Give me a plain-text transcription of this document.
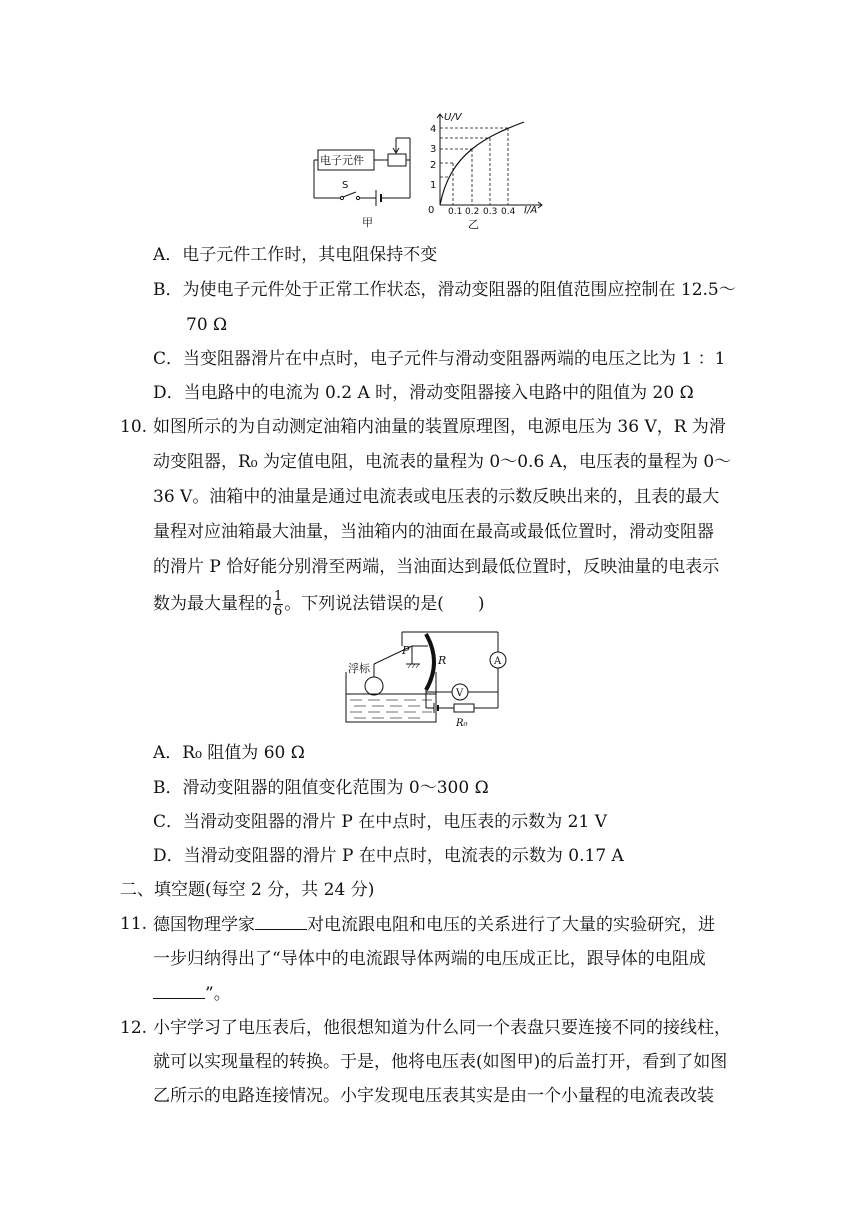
电子元件
S
甲
U/V
I/A
0
1
2
3
4
0.1 0.2 0.3 0.4
乙
A．电子元件工作时，其电阻保持不变
B．为使电子元件处于正常工作状态，滑动变阻器的阻值范围应控制在 12.5～
70 Ω
C．当变阻器滑片在中点时，电子元件与滑动变阻器两端的电压之比为 1 ：1
D．当电路中的电流为 0.2 A 时，滑动变阻器接入电路中的阻值为 20 Ω
10. 如图所示的为自动测定油箱内油量的装置原理图，电源电压为 36 V，R 为滑
动变阻器，R₀ 为定值电阻，电流表的量程为 0～0.6 A，电压表的量程为 0～
36 V。油箱中的油量是通过电流表或电压表的示数反映出来的，且表的最大
量程对应油箱最大油量，当油箱内的油面在最高或最低位置时，滑动变阻器
的滑片 P 恰好能分别滑至两端，当油面达到最低位置时，反映油量的电表示
数为最大量程的 $\frac{1}{6}$ 。下列说法错误的是(　　)
浮标
P
R	A
V
R₀
A．R₀ 阻值为 60 Ω
B．滑动变阻器的阻值变化范围为 0～300 Ω
C．当滑动变阻器的滑片 P 在中点时，电压表的示数为 21 V
D．当滑动变阻器的滑片 P 在中点时，电流表的示数为 0.17 A
二、填空题(每空 2 分，共 24 分)
11. 德国物理学家	对电流跟电阻和电压的关系进行了大量的实验研究，进
一步归纳得出了“导体中的电流跟导体两端的电压成正比，跟导体的电阻成
”。
12. 小宇学习了电压表后，他很想知道为什么同一个表盘只要连接不同的接线柱，
就可以实现量程的转换。于是，他将电压表(如图甲)的后盖打开，看到了如图
乙所示的电路连接情况。小宇发现电压表其实是由一个小量程的电流表改装
